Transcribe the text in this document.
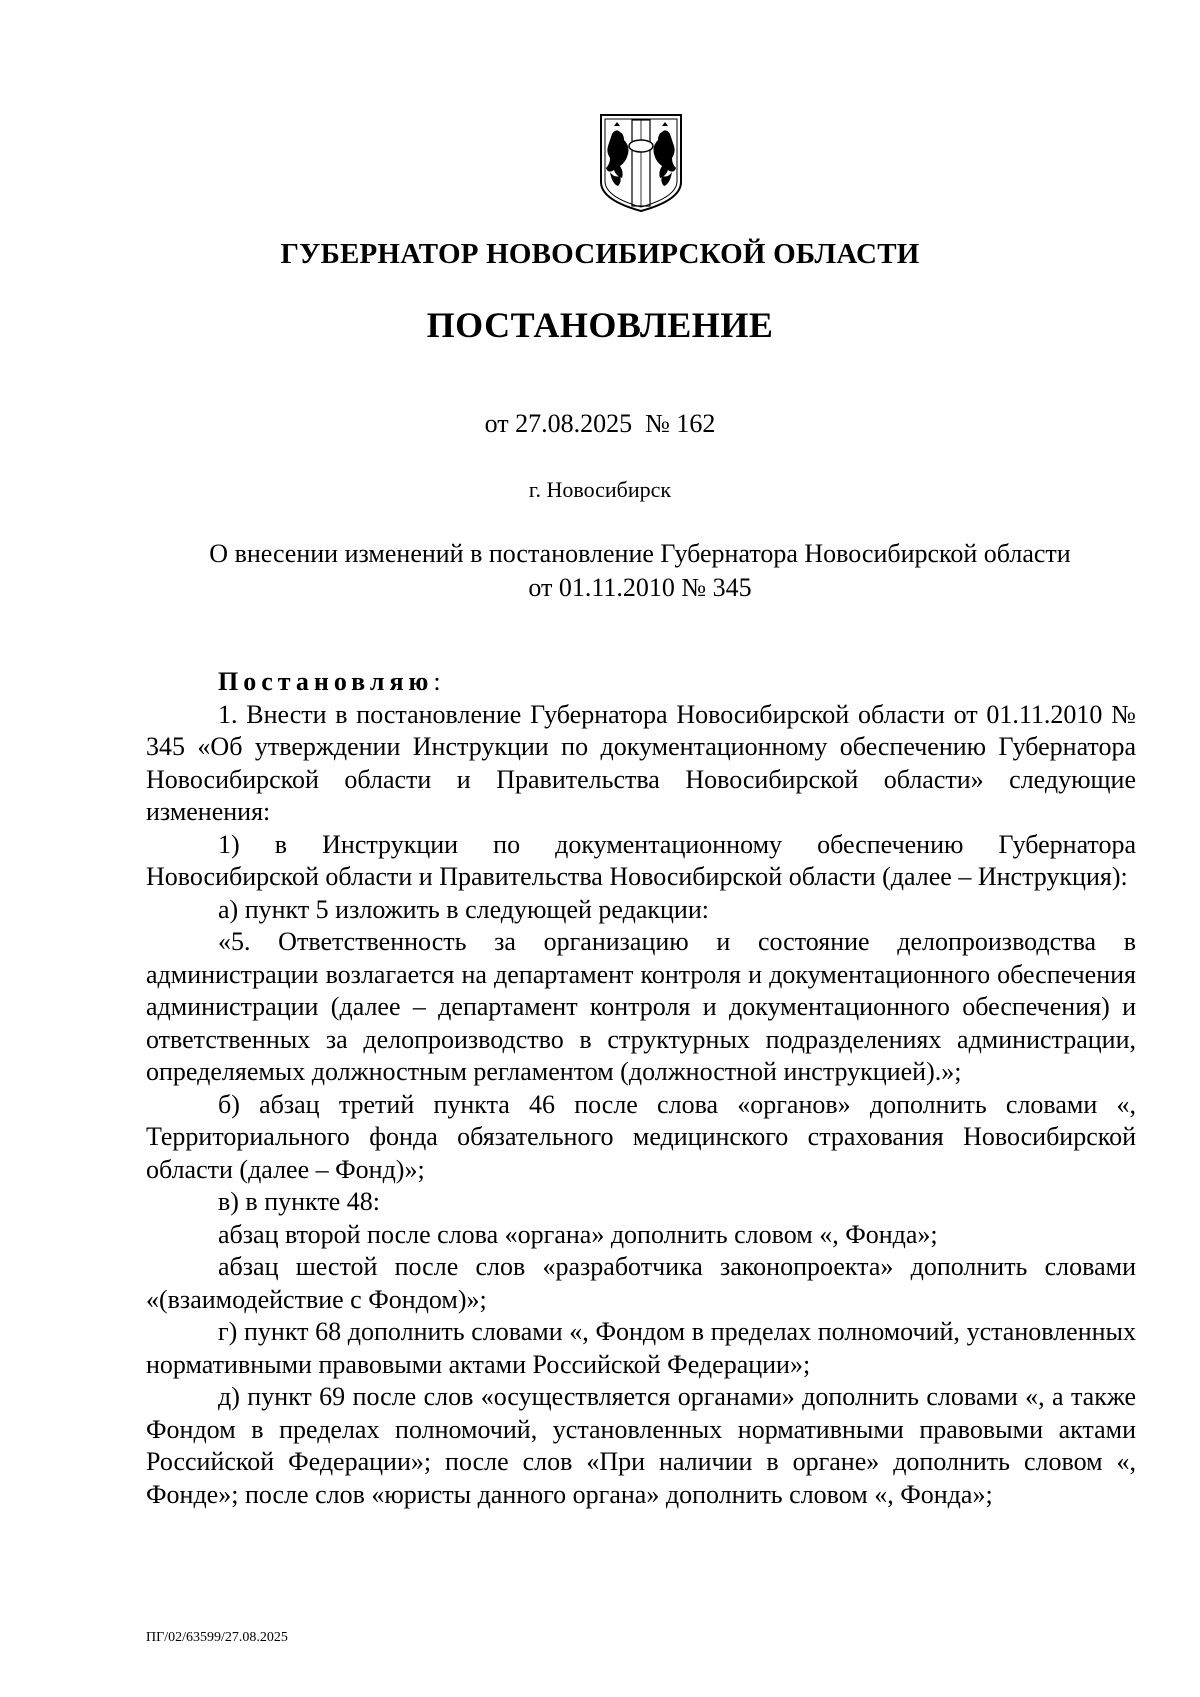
ГУБЕРНАТОР НОВОСИБИРСКОЙ ОБЛАСТИ
ПОСТАНОВЛЕНИЕ
от 27.08.2025 № 162
г. Новосибирск
О внесении изменений в постановление Губернатора Новосибирской области
от 01.11.2010 № 345

Постановляю:

1. Внести в постановление Губернатора Новосибирской области от 01.11.2010 № 345 «Об утверждении Инструкции по документационному обеспечению Губернатора Новосибирской области и Правительства Новосибирской области» следующие изменения:

1) в Инструкции по документационному обеспечению Губернатора Новосибирской области и Правительства Новосибирской области (далее – Инструкция):

а) пункт 5 изложить в следующей редакции:

«5. Ответственность за организацию и состояние делопроизводства в администрации возлагается на департамент контроля и документационного обеспечения администрации (далее – департамент контроля и документационного обеспечения) и ответственных за делопроизводство в структурных подразделениях администрации, определяемых должностным регламентом (должностной инструкцией).»;

б) абзац третий пункта 46 после слова «органов» дополнить словами «, Территориального фонда обязательного медицинского страхования Новосибирской области (далее – Фонд)»;

в) в пункте 48:

абзац второй после слова «органа» дополнить словом «, Фонда»;

абзац шестой после слов «разработчика законопроекта» дополнить словами «(взаимодействие с Фондом)»;

г) пункт 68 дополнить словами «, Фондом в пределах полномочий, установленных нормативными правовыми актами Российской Федерации»;

д) пункт 69 после слов «осуществляется органами» дополнить словами «, а также Фондом в пределах полномочий, установленных нормативными правовыми актами Российской Федерации»; после слов «При наличии в органе» дополнить словом «, Фонде»; после слов «юристы данного органа» дополнить словом «, Фонда»;

ПГ/02/63599/27.08.2025
